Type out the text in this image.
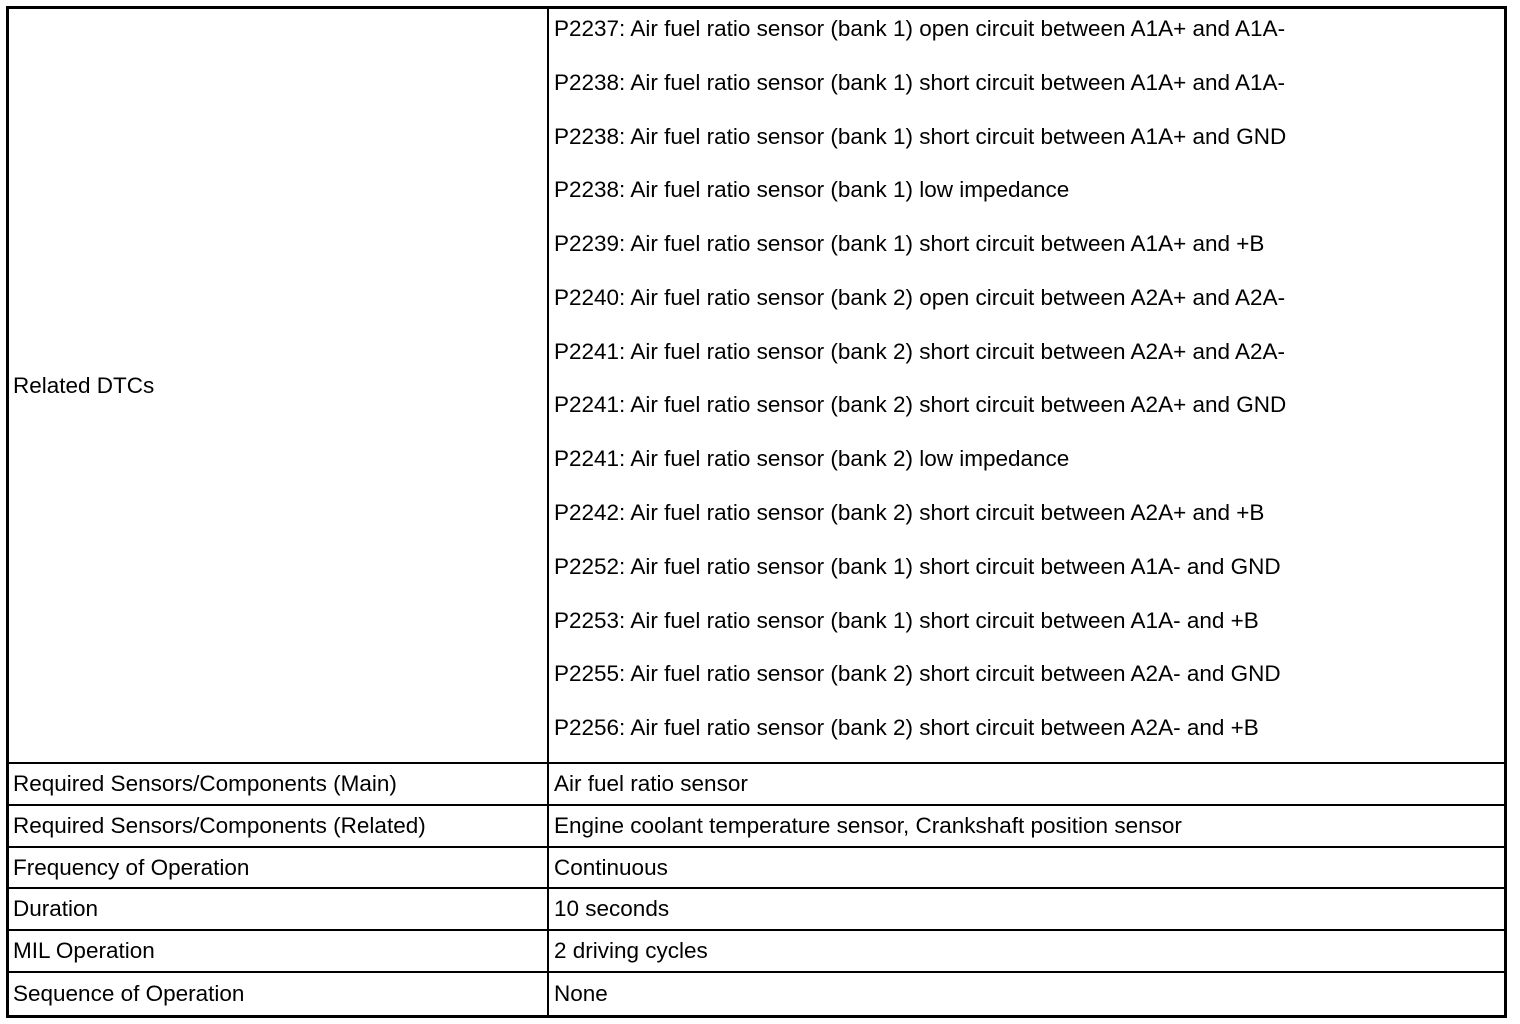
Related DTCs
P2237: Air fuel ratio sensor (bank 1) open circuit between A1A+ and A1A-
P2238: Air fuel ratio sensor (bank 1) short circuit between A1A+ and A1A-
P2238: Air fuel ratio sensor (bank 1) short circuit between A1A+ and GND
P2238: Air fuel ratio sensor (bank 1) low impedance
P2239: Air fuel ratio sensor (bank 1) short circuit between A1A+ and +B
P2240: Air fuel ratio sensor (bank 2) open circuit between A2A+ and A2A-
P2241: Air fuel ratio sensor (bank 2) short circuit between A2A+ and A2A-
P2241: Air fuel ratio sensor (bank 2) short circuit between A2A+ and GND
P2241: Air fuel ratio sensor (bank 2) low impedance
P2242: Air fuel ratio sensor (bank 2) short circuit between A2A+ and +B
P2252: Air fuel ratio sensor (bank 1) short circuit between A1A- and GND
P2253: Air fuel ratio sensor (bank 1) short circuit between A1A- and +B
P2255: Air fuel ratio sensor (bank 2) short circuit between A2A- and GND
P2256: Air fuel ratio sensor (bank 2) short circuit between A2A- and +B
Required Sensors/Components (Main)	Air fuel ratio sensor
Required Sensors/Components (Related)	Engine coolant temperature sensor, Crankshaft position sensor
Frequency of Operation	Continuous
Duration	10 seconds
MIL Operation	2 driving cycles
Sequence of Operation	None
